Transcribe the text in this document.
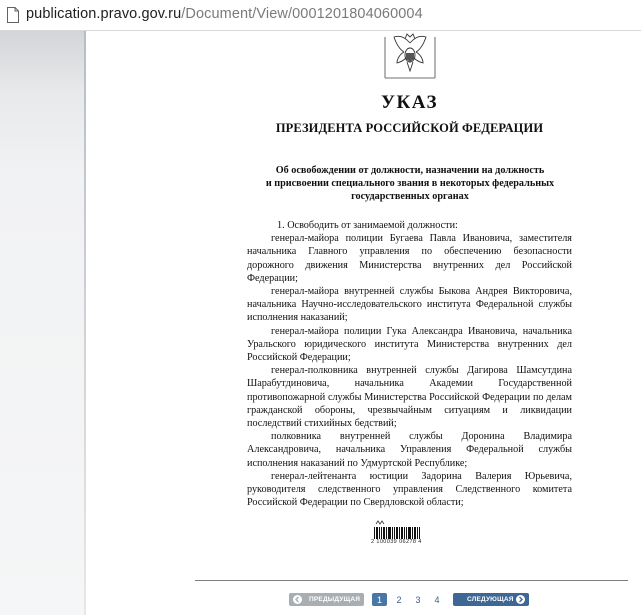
publication.pravo.gov.ru/Document/View/0001201804060004
УКАЗ
ПРЕЗИДЕНТА РОССИЙСКОЙ ФЕДЕРАЦИИ
Об освобождении от должности, назначении на должность
и присвоении специального звания в некоторых федеральных
государственных органах

1. Освободить от занимаемой должности:

генерал-майора полиции Бугаева Павла Ивановича, заместителя начальника Главного управления по обеспечению безопасности дорожного движения Министерства внутренних дел Российской Федерации;

генерал-майора внутренней службы Быкова Андрея Викторовича, начальника Научно-исследовательского института Федеральной службы исполнения наказаний;

генерал-майора полиции Гука Александра Ивановича, начальника Уральского юридического института Министерства внутренних дел Российской Федерации;

генерал-полковника внутренней службы Дагирова Шамсутдина Шарабутдиновича, начальника Академии Государственной противопожарной службы Министерства Российской Федерации по делам гражданской обороны, чрезвычайным ситуациям и ликвидации последствий стихийных бедствий;

полковника внутренней службы Доронина Владимира Александровича, начальника Управления Федеральной службы исполнения наказаний по Удмуртской Республике;

генерал-лейтенанта юстиции Задорина Валерия Юрьевича, руководителя следственного управления Следственного комитета Российской Федерации по Свердловской области;

2 100039 06278 4
ПРЕДЫДУЩАЯ	1	2	3	4	СЛЕДУЮЩАЯ
